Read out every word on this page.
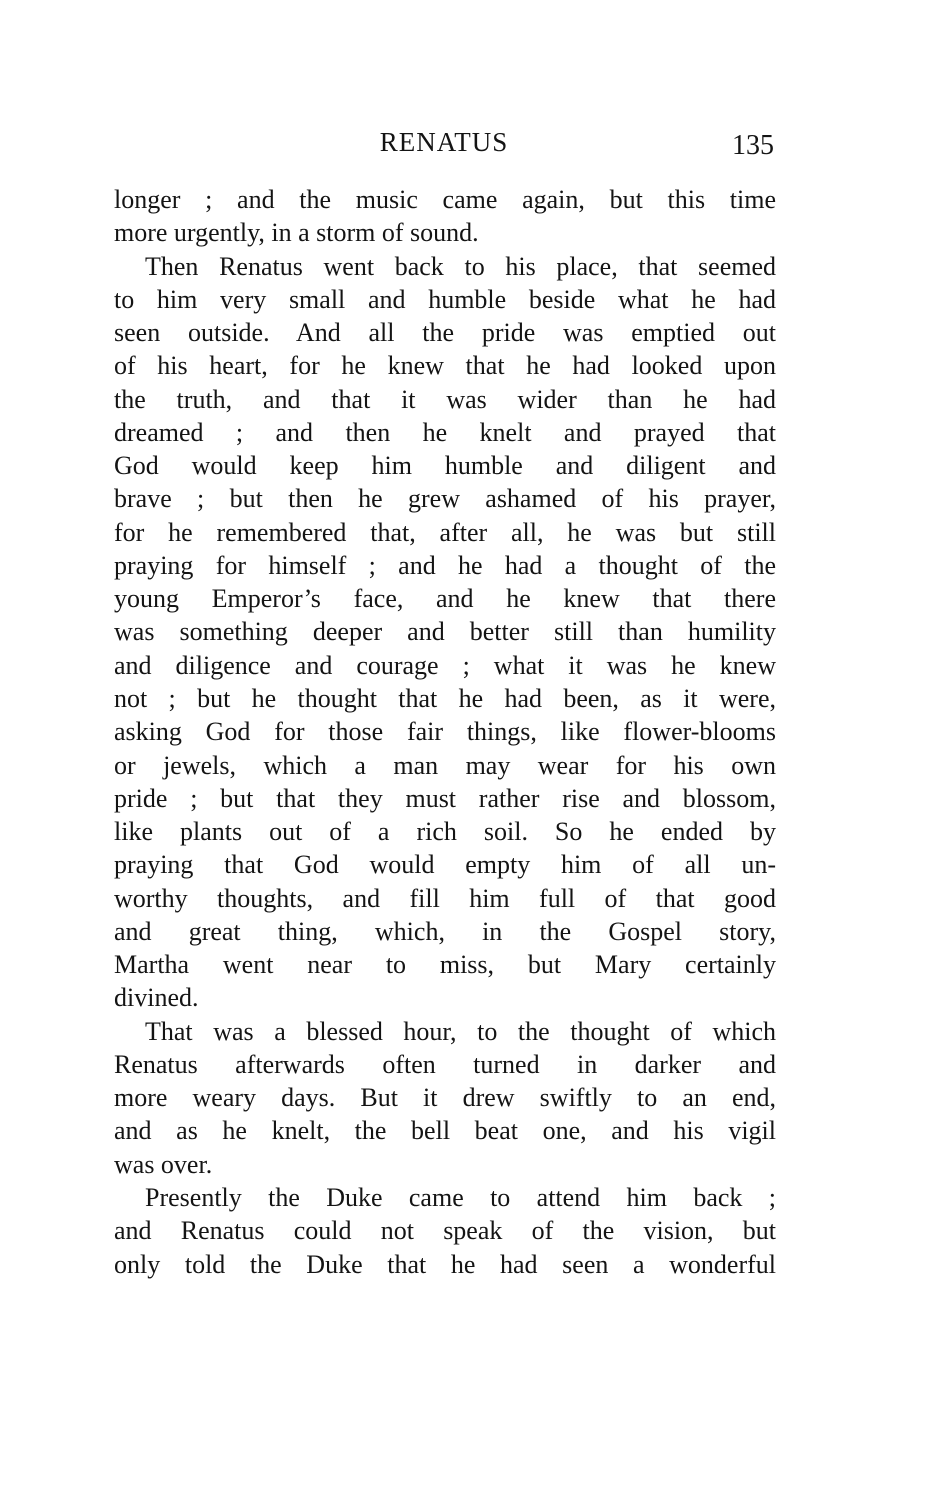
RENATUS	135
longer ; and the music came again, but this time
more urgently, in a storm of sound.
Then Renatus went back to his place, that seemed
to him very small and humble beside what he had
seen outside. And all the pride was emptied out
of his heart, for he knew that he had looked upon
the truth, and that it was wider than he had
dreamed ; and then he knelt and prayed that
God would keep him humble and diligent and
brave ; but then he grew ashamed of his prayer,
for he remembered that, after all, he was but still
praying for himself ; and he had a thought of the
young Emperor’s face, and he knew that there
was something deeper and better still than humility
and diligence and courage ; what it was he knew
not ; but he thought that he had been, as it were,
asking God for those fair things, like flower-blooms
or jewels, which a man may wear for his own
pride ; but that they must rather rise and blossom,
like plants out of a rich soil. So he ended by
praying that God would empty him of all un-
worthy thoughts, and fill him full of that good
and great thing, which, in the Gospel story,
Martha went near to miss, but Mary certainly
divined.
That was a blessed hour, to the thought of which
Renatus afterwards often turned in darker and
more weary days. But it drew swiftly to an end,
and as he knelt, the bell beat one, and his vigil
was over.
Presently the Duke came to attend him back ;
and Renatus could not speak of the vision, but
only told the Duke that he had seen a wonderful
